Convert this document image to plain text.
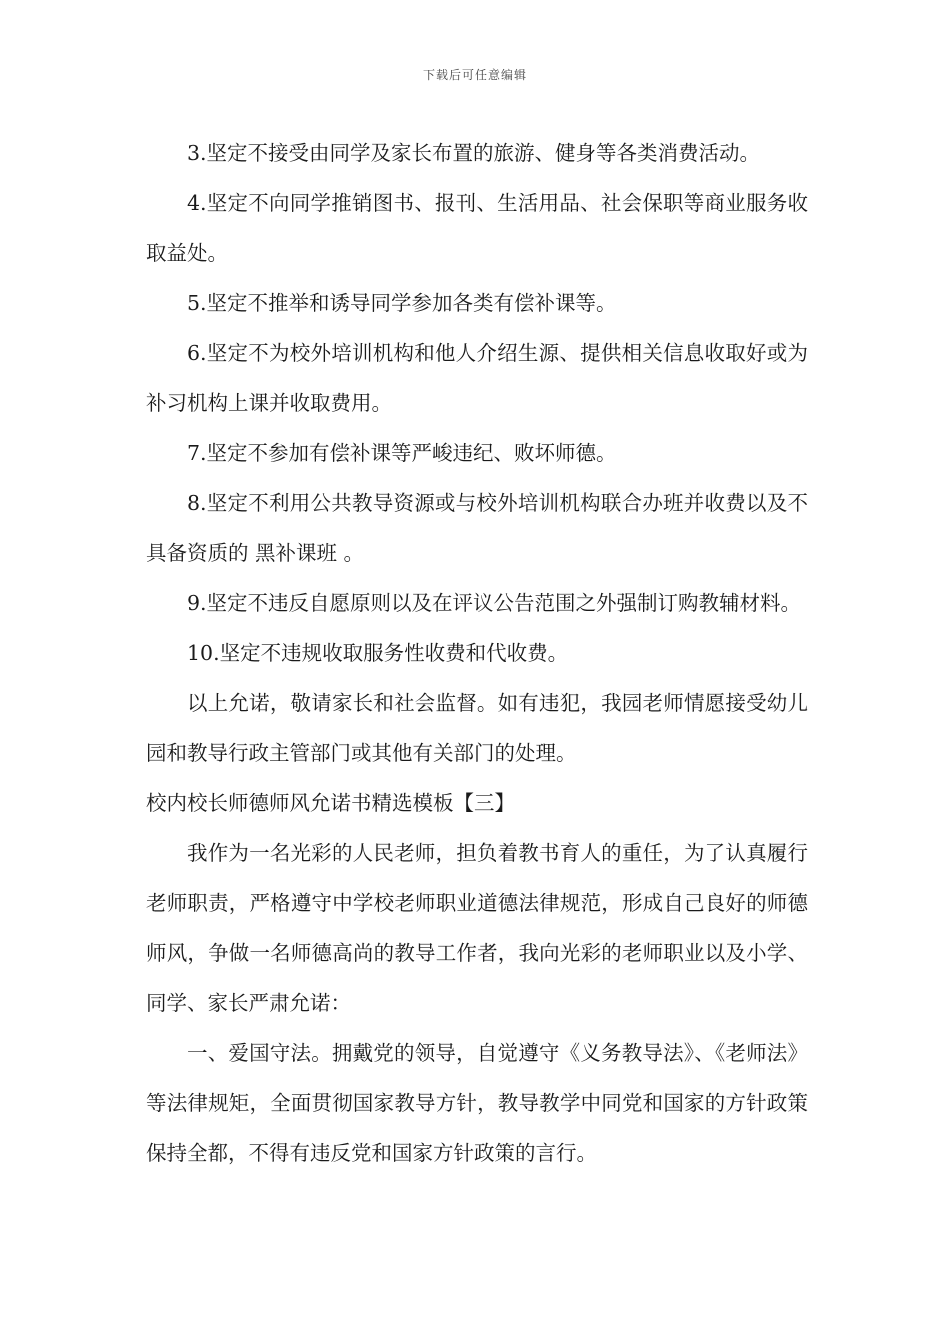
下载后可任意编辑

3.坚定不接受由同学及家长布置的旅游、健身等各类消费活动。

4.坚定不向同学推销图书、报刊、生活用品、社会保职等商业服务收取益处。

5.坚定不推举和诱导同学参加各类有偿补课等。

6.坚定不为校外培训机构和他人介绍生源、提供相关信息收取好或为补习机构上课并收取费用。

7.坚定不参加有偿补课等严峻违纪、败坏师德。

8.坚定不利用公共教导资源或与校外培训机构联合办班并收费以及不具备资质的 黑补课班 。

9.坚定不违反自愿原则以及在评议公告范围之外强制订购教辅材料。

10.坚定不违规收取服务性收费和代收费。

以上允诺，敬请家长和社会监督。如有违犯，我园老师情愿接受幼儿园和教导行政主管部门或其他有关部门的处理。

校内校长师德师风允诺书精选模板【三】

我作为一名光彩的人民老师，担负着教书育人的重任，为了认真履行老师职责，严格遵守中学校老师职业道德法律规范，形成自己良好的师德师风，争做一名师德高尚的教导工作者，我向光彩的老师职业以及小学、同学、家长严肃允诺：

一、爱国守法。拥戴党的领导，自觉遵守《义务教导法》、《老师法》等法律规矩，全面贯彻国家教导方针，教导教学中同党和国家的方针政策保持全都，不得有违反党和国家方针政策的言行。
